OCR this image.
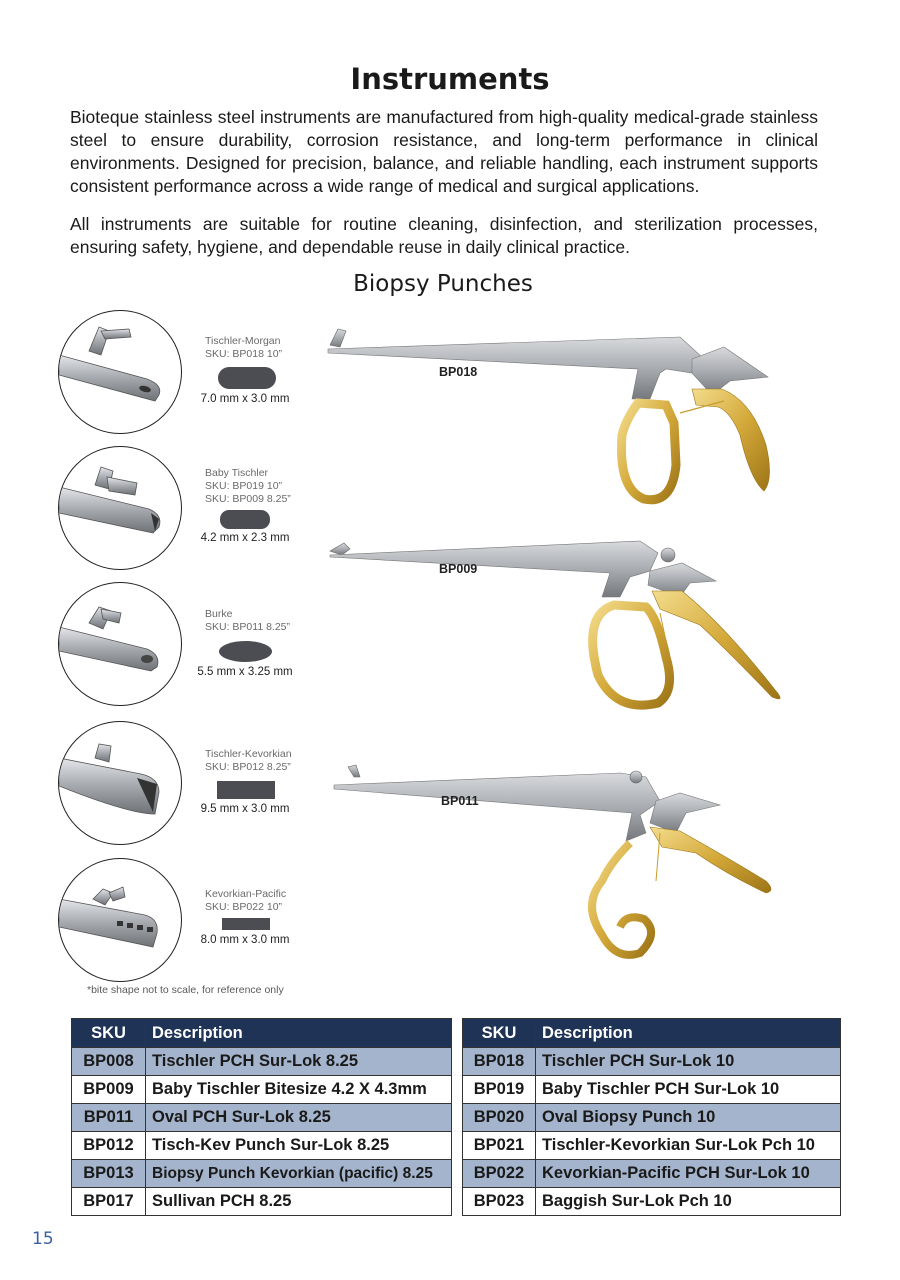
Instruments

Bioteque stainless steel instruments are manufactured from high-quality medical-grade stainless steel to ensure durability, corrosion resistance, and long-term performance in clinical environments. Designed for precision, balance, and reliable handling, each instrument supports consistent performance across a wide range of medical and surgical applications.

All instruments are suitable for routine cleaning, disinfection, and sterilization processes, ensuring safety, hygiene, and dependable reuse in daily clinical practice.

Biopsy Punches
Tischler-Morgan
SKU: BP018 10”

7.0 mm x 3.0 mm

Baby Tischler
SKU: BP019 10”
SKU: BP009 8.25”

4.2 mm x 2.3 mm

Burke
SKU: BP011 8.25”

5.5 mm x 3.25 mm

Tischler-Kevorkian
SKU: BP012 8.25”

9.5 mm x 3.0 mm

Kevorkian-Pacific
SKU: BP022 10”

8.0 mm x 3.0 mm

BP018

BP009

BP011

*bite shape not to scale, for reference only

SKU	Description
BP008	Tischler PCH Sur-Lok 8.25
BP009	Baby Tischler Bitesize 4.2 X 4.3mm
BP011	Oval PCH Sur-Lok 8.25
BP012	Tisch-Kev Punch Sur-Lok 8.25
BP013	Biopsy Punch Kevorkian (pacific) 8.25
BP017	Sullivan PCH 8.25
SKU	Description
BP018	Tischler PCH Sur-Lok 10
BP019	Baby Tischler PCH Sur-Lok 10
BP020	Oval Biopsy Punch 10
BP021	Tischler-Kevorkian Sur-Lok Pch 10
BP022	Kevorkian-Pacific PCH Sur-Lok 10
BP023	Baggish Sur-Lok Pch 10

15
